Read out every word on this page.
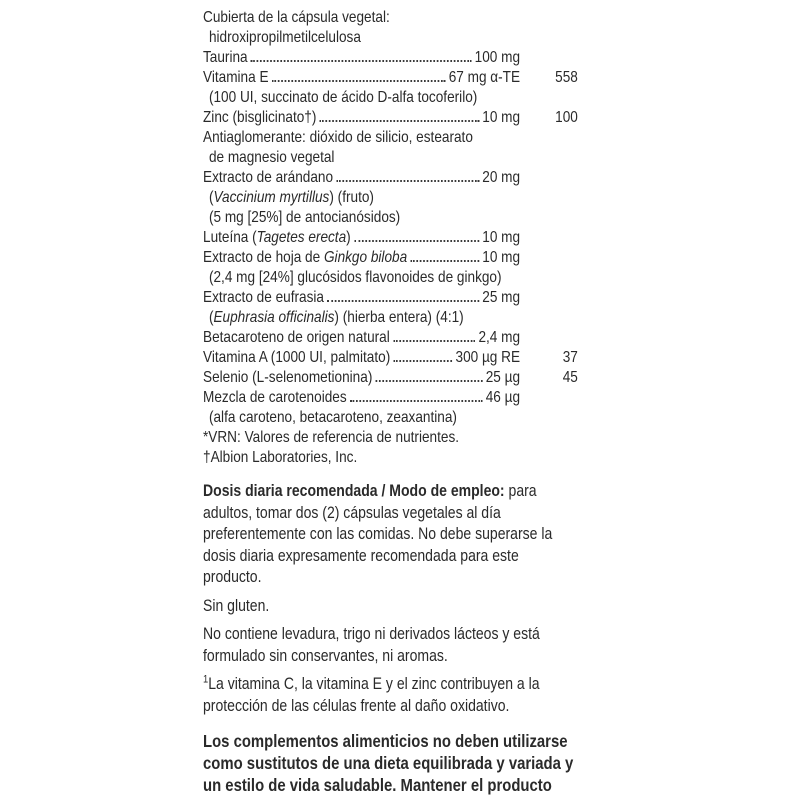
Cubierta de la cápsula vegetal:
hidroxipropilmetilcelulosa
Taurina	100 mg
Vitamina E	67 mg α-TE	558
(100 UI, succinato de ácido D-alfa tocoferilo)
Zinc (bisglicinato†)	10 mg	100
Antiaglomerante: dióxido de silicio, estearato
de magnesio vegetal
Extracto de arándano	20 mg
(Vaccinium myrtillus) (fruto)
(5 mg [25%] de antocianósidos)
Luteína (Tagetes erecta)	10 mg
Extracto de hoja de Ginkgo biloba	10 mg
(2,4 mg [24%] glucósidos flavonoides de ginkgo)
Extracto de eufrasia	25 mg
(Euphrasia officinalis) (hierba entera) (4:1)
Betacaroteno de origen natural	2,4 mg
Vitamina A (1000 UI, palmitato)	300 µg RE	37
Selenio (L-selenometionina)	25 µg	45
Mezcla de carotenoides	46 µg
(alfa caroteno, betacaroteno, zeaxantina)
*VRN: Valores de referencia de nutrientes.
†Albion Laboratories, Inc.

Dosis diaria recomendada / Modo de empleo: para adultos, tomar dos (2) cápsulas vegetales al día preferentemente con las comidas. No debe superarse la dosis diaria expresamente recomendada para este producto.

Sin gluten.

No contiene levadura, trigo ni derivados lácteos y está formulado sin conservantes, ni aromas.

$^1$La vitamina C, la vitamina E y el zinc contribuyen a la protección de las células frente al daño oxidativo.

Los complementos alimenticios no deben utilizarse como sustitutos de una dieta equilibrada y variada y un estilo de vida saludable. Mantener el producto
